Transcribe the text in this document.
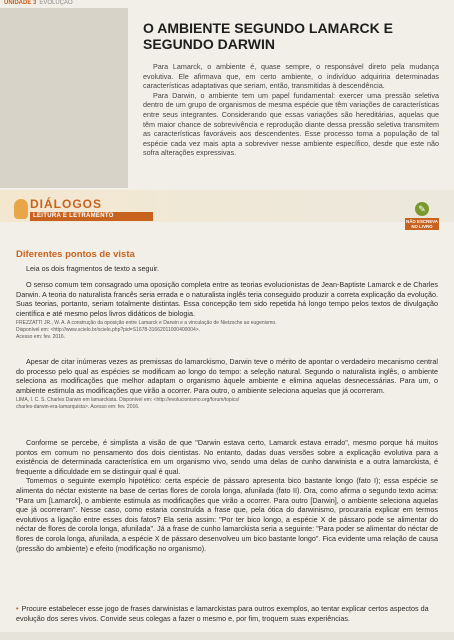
UNIDADE 3 EVOLUÇÃO
O AMBIENTE SEGUNDO LAMARCK E SEGUNDO DARWIN

Para Lamarck, o ambiente é, quase sempre, o responsável direto pela mudança evolutiva. Ele afirmava que, em certo ambiente, o indivíduo adquiriria determinadas características adaptativas que seriam, então, transmitidas à descendência.

Para Darwin, o ambiente tem um papel fundamental: exercer uma pressão seletiva dentro de um grupo de organismos de mesma espécie que têm variações de características entre seus integrantes. Considerando que essas variações são hereditárias, aquelas que têm maior chance de sobrevivência e reprodução diante dessa pressão seletiva transmitem as características favoráveis aos descendentes. Esse processo torna a população de tal espécie cada vez mais apta a sobreviver nesse ambiente específico, desde que este não sofra alterações expressivas.

DIÁLOGOS
LEITURA E LETRAMENTO
✎
NÃO ESCREVA NO LIVRO
Diferentes pontos de vista

Leia os dois fragmentos de texto a seguir.

O senso comum tem consagrado uma oposição completa entre as teorias evolucionistas de Jean-Baptiste Lamarck e de Charles Darwin. A teoria do naturalista francês seria errada e o naturalista inglês teria conseguido produzir a correta explicação da evolução. Suas teorias, portanto, seriam totalmente distintas. Essa concepção tem sido repetida há longo tempo pelos textos de divulgação científica e até mesmo pelos livros didáticos de biologia.

FREZZATTI JR., W. A. A construção da oposição entre Lamarck e Darwin e a vinculação de Nietzsche ao eugenismo.

Disponível em: <http://www.scielo.br/scielo.php?pid=S1678-31662011000400004>.

Acesso em: fev. 2016.

Apesar de citar inúmeras vezes as premissas do lamarckismo, Darwin teve o mérito de apontar o verdadeiro mecanismo central do processo pelo qual as espécies se modificam ao longo do tempo: a seleção natural. Segundo o naturalista inglês, o ambiente seleciona as modificações que melhor adaptam o organismo àquele ambiente e elimina aquelas desnecessárias. Para um, o ambiente estimula as modificações que virão a ocorrer. Para outro, o ambiente seleciona aquelas que já ocorreram.

LIMA, I. C. S. Charles Darwin em lamarckista. Disponível em: <http://evolucionismo.org/forum/topics/

charles-darwin-era-lamarquista>. Acesso em: fev. 2016.

Conforme se percebe, é simplista a visão de que "Darwin estava certo, Lamarck estava errado", mesmo porque há muitos pontos em comum no pensamento dos dois cientistas. No entanto, dadas duas versões sobre a explicação evolutiva para a existência de determinada característica em um organismo vivo, sendo uma delas de cunho darwinista e a outra lamarckista, é frequente a dificuldade em se distinguir qual é qual.

Tomemos o seguinte exemplo hipotético: certa espécie de pássaro apresenta bico bastante longo (fato I); essa espécie se alimenta do néctar existente na base de certas flores de corola longa, afunilada (fato II). Ora, como afirma o segundo texto acima: "Para um [Lamarck], o ambiente estimula as modificações que virão a ocorrer. Para outro [Darwin], o ambiente seleciona aquelas que já ocorreram". Nesse caso, como estaria construída a frase que, pela ótica do darwinismo, procuraria explicar em termos evolutivos a ligação entre esses dois fatos? Ela seria assim: "Por ter bico longo, a espécie X de pássaro pode se alimentar do néctar de flores de corola longa, afunilada". Já a frase de cunho lamarckista seria a seguinte: "Para poder se alimentar do néctar de flores de corola longa, afunilada, a espécie X de pássaro desenvolveu um bico bastante longo". Fica evidente uma relação de causa (pressão do ambiente) e efeito (modificação no organismo).

• Procure estabelecer esse jogo de frases darwinistas e lamarckistas para outros exemplos, ao tentar explicar certos aspectos da evolução dos seres vivos. Convide seus colegas a fazer o mesmo e, por fim, troquem suas experiências.
